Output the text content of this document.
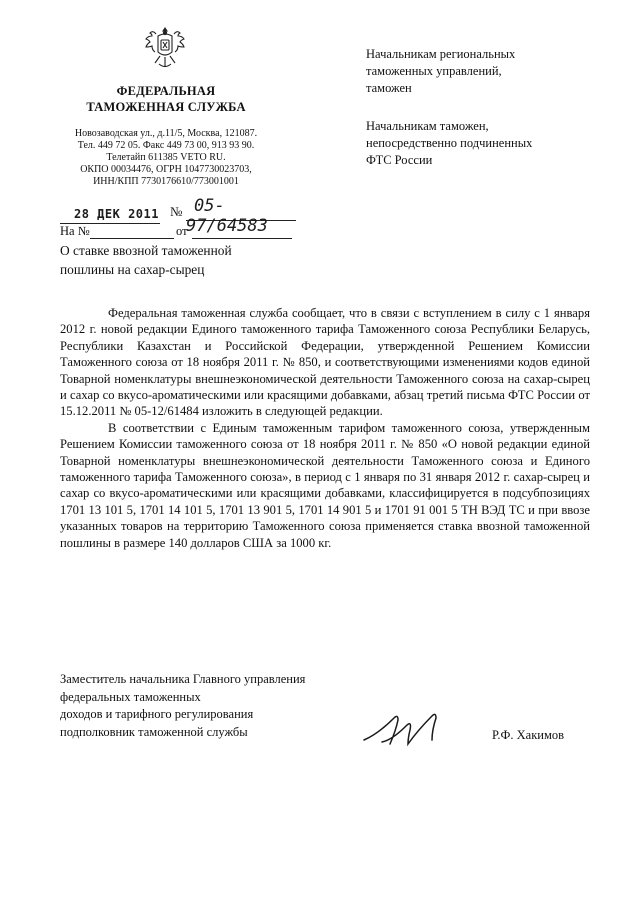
ФЕДЕРАЛЬНАЯ
ТАМОЖЕННАЯ СЛУЖБА
Новозаводская ул., д.11/5, Москва, 121087.
Тел. 449 72 05. Факс 449 73 00, 913 93 90.
Телетайп 611385 VETO RU.
ОКПО 00034476, ОГРН 1047730023703,
ИНН/КПП 7730176610/773001001
28 ДЕК 2011 № 05-97/64583
На №	от
О ставке ввозной таможенной
пошлины на сахар-сырец
Начальникам региональных
таможенных управлений,
таможен
Начальникам таможен,
непосредственно подчиненных
ФТС России

Федеральная таможенная служба сообщает, что в связи с вступлением в силу с 1 января 2012 г. новой редакции Единого таможенного тарифа Таможенного союза Республики Беларусь, Республики Казахстан и Российской Федерации, утвержденной Решением Комиссии Таможенного союза от 18 ноября 2011 г. № 850, и соответствующими изменениями кодов единой Товарной номенклатуры внешнеэкономической деятельности Таможенного союза на сахар-сырец и сахар со вкусо-ароматическими или красящими добавками, абзац третий письма ФТС России от 15.12.2011 № 05-12/61484 изложить в следующей редакции.

В соответствии с Единым таможенным тарифом таможенного союза, утвержденным Решением Комиссии таможенного союза от 18 ноября 2011 г. № 850 «О новой редакции единой Товарной номенклатуры внешнеэкономической деятельности Таможенного союза и Единого таможенного тарифа Таможенного союза», в период с 1 января по 31 января 2012 г. сахар-сырец и сахар со вкусо-ароматическими или красящими добавками, классифицируется в подсубпозициях 1701 13 101 5, 1701 14 101 5, 1701 13 901 5, 1701 14 901 5 и 1701 91 001 5 ТН ВЭД ТС и при ввозе указанных товаров на территорию Таможенного союза применяется ставка ввозной таможенной пошлины в размере 140 долларов США за 1000 кг.

Заместитель начальника Главного управления
федеральных таможенных
доходов и тарифного регулирования
подполковник таможенной службы	Р.Ф. Хакимов
